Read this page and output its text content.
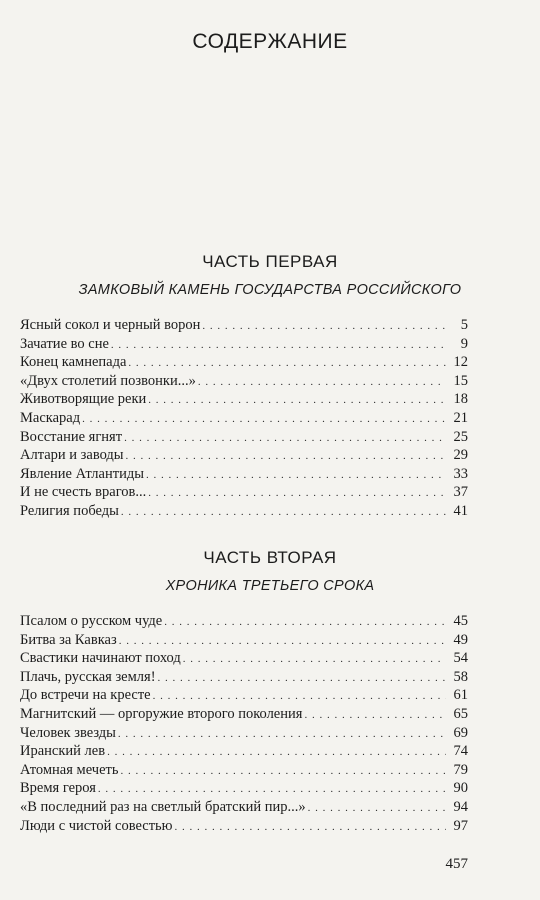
СОДЕРЖАНИЕ
ЧАСТЬ ПЕРВАЯ
ЗАМКОВЫЙ КАМЕНЬ ГОСУДАРСТВА РОССИЙСКОГО
Ясный сокол и черный ворон . . .	5
Зачатие во сне . . .	9
Конец камнепада . . .	12
«Двух столетий позвонки...» . . .	15
Животворящие реки . . .	18
Маскарад . . .	21
Восстание ягнят . . .	25
Алтари и заводы . . .	29
Явление Атлантиды . . .	33
И не счесть врагов... . . .	37
Религия победы . . .	41
ЧАСТЬ ВТОРАЯ
ХРОНИКА ТРЕТЬЕГО СРОКА
Псалом о русском чуде . . .	45
Битва за Кавказ . . .	49
Свастики начинают поход . . .	54
Плачь, русская земля! . . .	58
До встречи на кресте . . .	61
Магнитский — оргоружие второго поколения . . .	65
Человек звезды . . .	69
Иранский лев . . .	74
Атомная мечеть . . .	79
Время героя . . .	90
«В последний раз на светлый братский пир...» . . .	94
Люди с чистой совестью . . .	97
457
